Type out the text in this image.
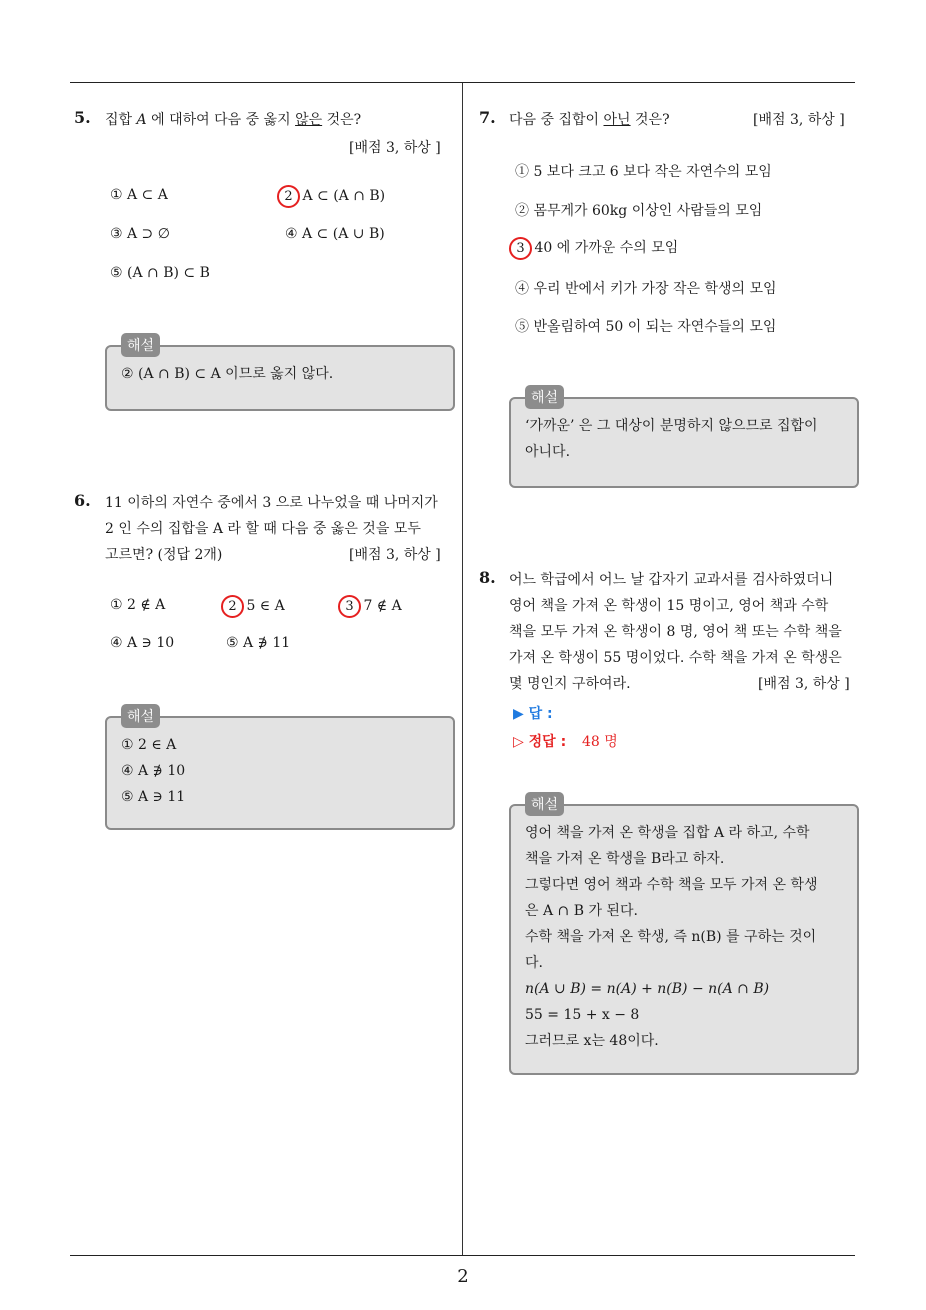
5. 집합 A 에 대하여 다음 중 옳지 않은 것은?
[배점 3, 하상 ]
① A ⊂ A	2 A ⊂ (A ∩ B)
③ A ⊃ ∅	④ A ⊂ (A ∪ B)
⑤ (A ∩ B) ⊂ B
해설
② (A ∩ B) ⊂ A 이므로 옳지 않다.
6. 11 이하의 자연수 중에서 3 으로 나누었을 때 나머지가
2 인 수의 집합을 A 라 할 때 다음 중 옳은 것을 모두
고르면? (정답 2개)	[배점 3, 하상 ]
① 2 ∉ A	2 5 ∈ A	3 7 ∉ A
④ A ∋ 10	⑤ A ∌ 11
해설
① 2 ∈ A
④ A ∌ 10
⑤ A ∋ 11
7. 다음 중 집합이 아닌 것은?	[배점 3, 하상 ]
① 5 보다 크고 6 보다 작은 자연수의 모임
② 몸무게가 60kg 이상인 사람들의 모임
3 40 에 가까운 수의 모임
④ 우리 반에서 키가 가장 작은 학생의 모임
⑤ 반올림하여 50 이 되는 자연수들의 모임
해설
‘가까운’ 은 그 대상이 분명하지 않으므로 집합이
아니다.
8. 어느 학급에서 어느 날 갑자기 교과서를 검사하였더니
영어 책을 가져 온 학생이 15 명이고, 영어 책과 수학
책을 모두 가져 온 학생이 8 명, 영어 책 또는 수학 책을
가져 온 학생이 55 명이었다. 수학 책을 가져 온 학생은
몇 명인지 구하여라.	[배점 3, 하상 ]
▶ 답 :
▷ 정답 : 48 명
해설
영어 책을 가져 온 학생을 집합 A 라 하고, 수학
책을 가져 온 학생을 B라고 하자.
그렇다면 영어 책과 수학 책을 모두 가져 온 학생
은 A ∩ B 가 된다.
수학 책을 가져 온 학생, 즉 n(B) 를 구하는 것이
다.
n(A ∪ B) = n(A) + n(B) − n(A ∩ B)
55 = 15 + x − 8
그러므로 x는 48이다.
2
